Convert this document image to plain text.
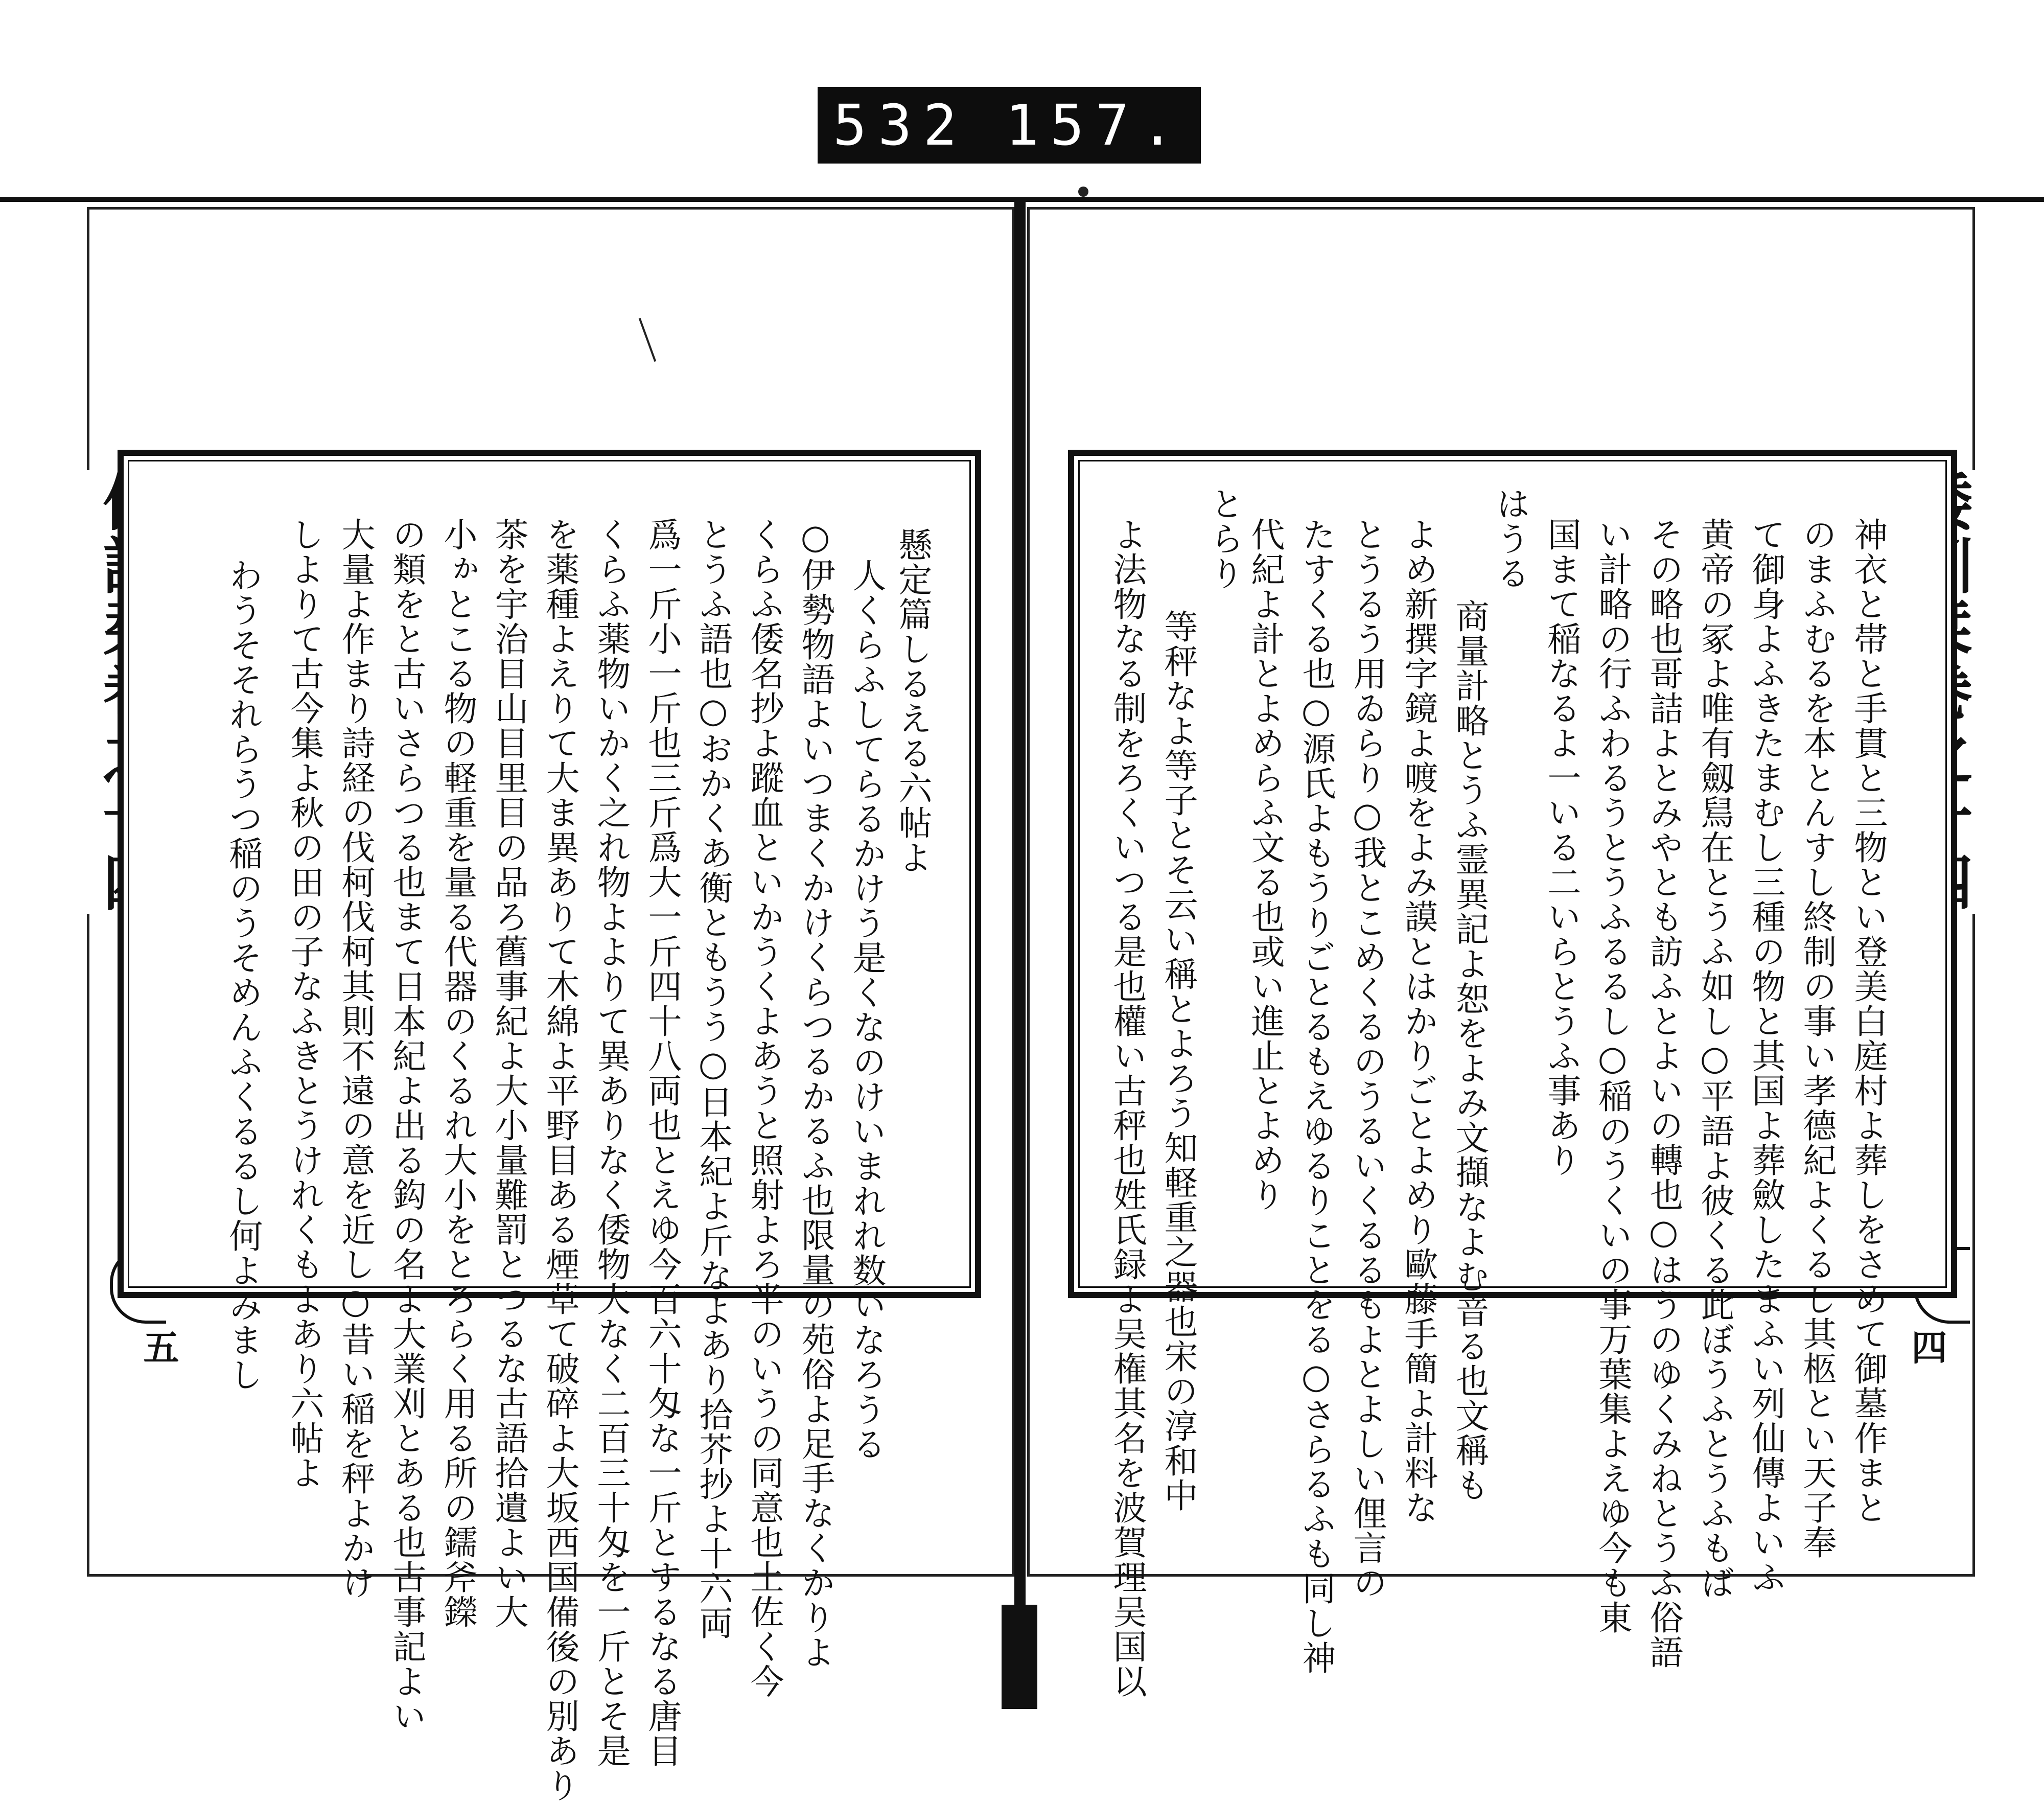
532 157.
五	四
懸定篇しるえる六帖よ
人くらふしてらるかけう是くなのけいまれれ数いなろうる
○伊勢物語よいつまくかけくらつるかるふ也限量の苑俗よ足手なくかりよ
くらふ倭名抄よ蹤血といかうくよあうと照射よろ半のいうの同意也土佐く今
とうふ語也○おかくあ衡ともうう○日本紀よ斤なよあり拾芥抄よ十六両
爲一斤小一斤也三斤爲大一斤四十八両也とえゆ今百六十匁な一斤とするなる唐目
くらふ薬物いかく之れ物よよりて異ありなく倭物大なく二百三十匁を一斤とそ是
を薬種よえりて大ま異ありて木綿よ平野目ある煙草て破碎よ大坂西国備後の別あり
茶を宇治目山目里目の品ろ舊事紀よ大小量難罰とつるな古語拾遺よい大
小ゕとこる物の軽重を量る代器のくるれ大小をとろらく用る所の鑐斧鑅
の類をと古いさらつる也まて日本紀よ出る鈎の名よ大業刈とある也古事記よい
大量よ作まり詩経の伐柯伐柯其則不遠の意を近し○昔い稲を秤よかけ
しよりて古今集よ秋の田の子なふきとうけれくもよあり六帖よ
わうそそれらうつ稲のうそめんふくるるし何よみまし	神衣と帯と手貫と三物とい登美白庭村よ葬しをさめて御墓作まと
のまふむるを本とんすし終制の事い孝德紀よくるし其柩とい天子奉
て御身よふきたまむし三種の物と其国よ葬斂したまふい列仙傳よいふ
黄帝の冢よ唯有劔舃在とうふ如し○平語よ彼くる此ぼうふとうふもば
その略也哥詰よとみやとも訪ふとよいの轉也○はうのゆくみねとうふ俗語
い計略の行ふわるうとうふるるし○稲のうくいの事万葉集よえゆ今も東
国まて稲なるよ一いる二いらとうふ事あり
はうる
商量計略とうふ霊異記よ恕をよみ文擷なよむ音る也文稱も
よめ新撰字鏡よ喥をよみ謨とはかりごとよめり歐藤手簡よ計料な
とうるう用ゐらり○我とこめくるのうるいくるるもよとよしい俚言の
たすくる也○源氏よもうりごとるもえゆるりことをる○さらるふも同し神
代紀よ計とよめらふ文る也或い進止とよめり
とらり
等秤なよ等子とそ云い稱とよろう知軽重之器也宋の淳和中
よ法物なる制をろくいつる是也權い古秤也姓氏録よ吴権其名を波賀理吴国以
